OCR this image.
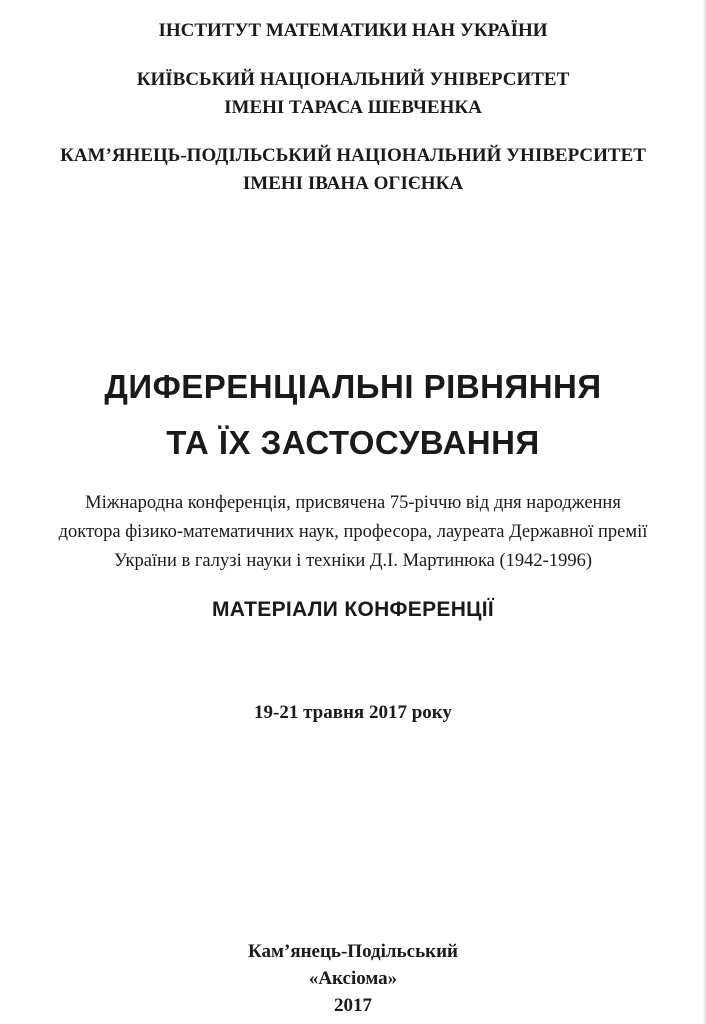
ІНСТИТУТ МАТЕМАТИКИ НАН УКРАЇНИ
КИЇВСЬКИЙ НАЦІОНАЛЬНИЙ УНІВЕРСИТЕТ
ІМЕНІ ТАРАСА ШЕВЧЕНКА
КАМ’ЯНЕЦЬ-ПОДІЛЬСЬКИЙ НАЦІОНАЛЬНИЙ УНІВЕРСИТЕТ
ІМЕНІ ІВАНА ОГІЄНКА
ДИФЕРЕНЦІАЛЬНІ РІВНЯННЯ
ТА ЇХ ЗАСТОСУВАННЯ
Міжнародна конференція, присвячена 75-річчю від дня народження
доктора фізико-математичних наук, професора, лауреата Державної премії
України в галузі науки і техніки Д.І. Мартинюка (1942-1996)
МАТЕРІАЛИ КОНФЕРЕНЦІЇ
19-21 травня 2017 року
Кам’янець-Подільський
«Аксіома»
2017
